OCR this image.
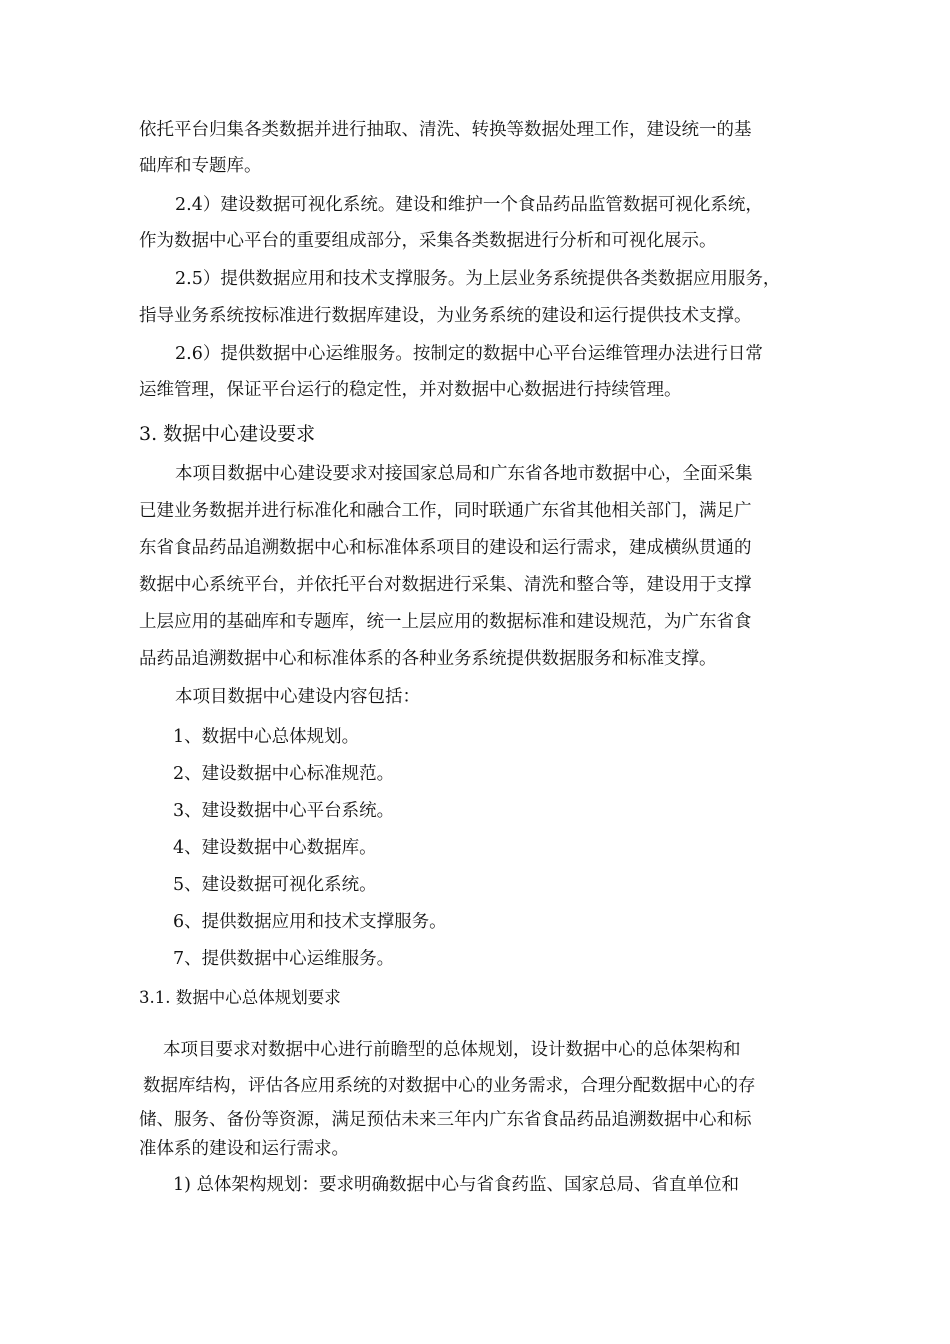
依托平台归集各类数据并进行抽取、清洗、转换等数据处理工作，建设统一的基
础库和专题库。
2.4）建设数据可视化系统。建设和维护一个食品药品监管数据可视化系统，
作为数据中心平台的重要组成部分，采集各类数据进行分析和可视化展示。
2.5）提供数据应用和技术支撑服务。为上层业务系统提供各类数据应用服务，
指导业务系统按标准进行数据库建设，为业务系统的建设和运行提供技术支撑。
2.6）提供数据中心运维服务。按制定的数据中心平台运维管理办法进行日常
运维管理，保证平台运行的稳定性，并对数据中心数据进行持续管理。
3. 数据中心建设要求
本项目数据中心建设要求对接国家总局和广东省各地市数据中心，全面采集
已建业务数据并进行标准化和融合工作，同时联通广东省其他相关部门，满足广
东省食品药品追溯数据中心和标准体系项目的建设和运行需求，建成横纵贯通的
数据中心系统平台，并依托平台对数据进行采集、清洗和整合等，建设用于支撑
上层应用的基础库和专题库，统一上层应用的数据标准和建设规范，为广东省食
品药品追溯数据中心和标准体系的各种业务系统提供数据服务和标准支撑。
本项目数据中心建设内容包括：
1、数据中心总体规划。
2、建设数据中心标准规范。
3、建设数据中心平台系统。
4、建设数据中心数据库。
5、建设数据可视化系统。
6、提供数据应用和技术支撑服务。
7、提供数据中心运维服务。
3.1. 数据中心总体规划要求
本项目要求对数据中心进行前瞻型的总体规划，设计数据中心的总体架构和
数据库结构，评估各应用系统的对数据中心的业务需求，合理分配数据中心的存
储、服务、备份等资源，满足预估未来三年内广东省食品药品追溯数据中心和标
准体系的建设和运行需求。
1) 总体架构规划：要求明确数据中心与省食药监、国家总局、省直单位和
